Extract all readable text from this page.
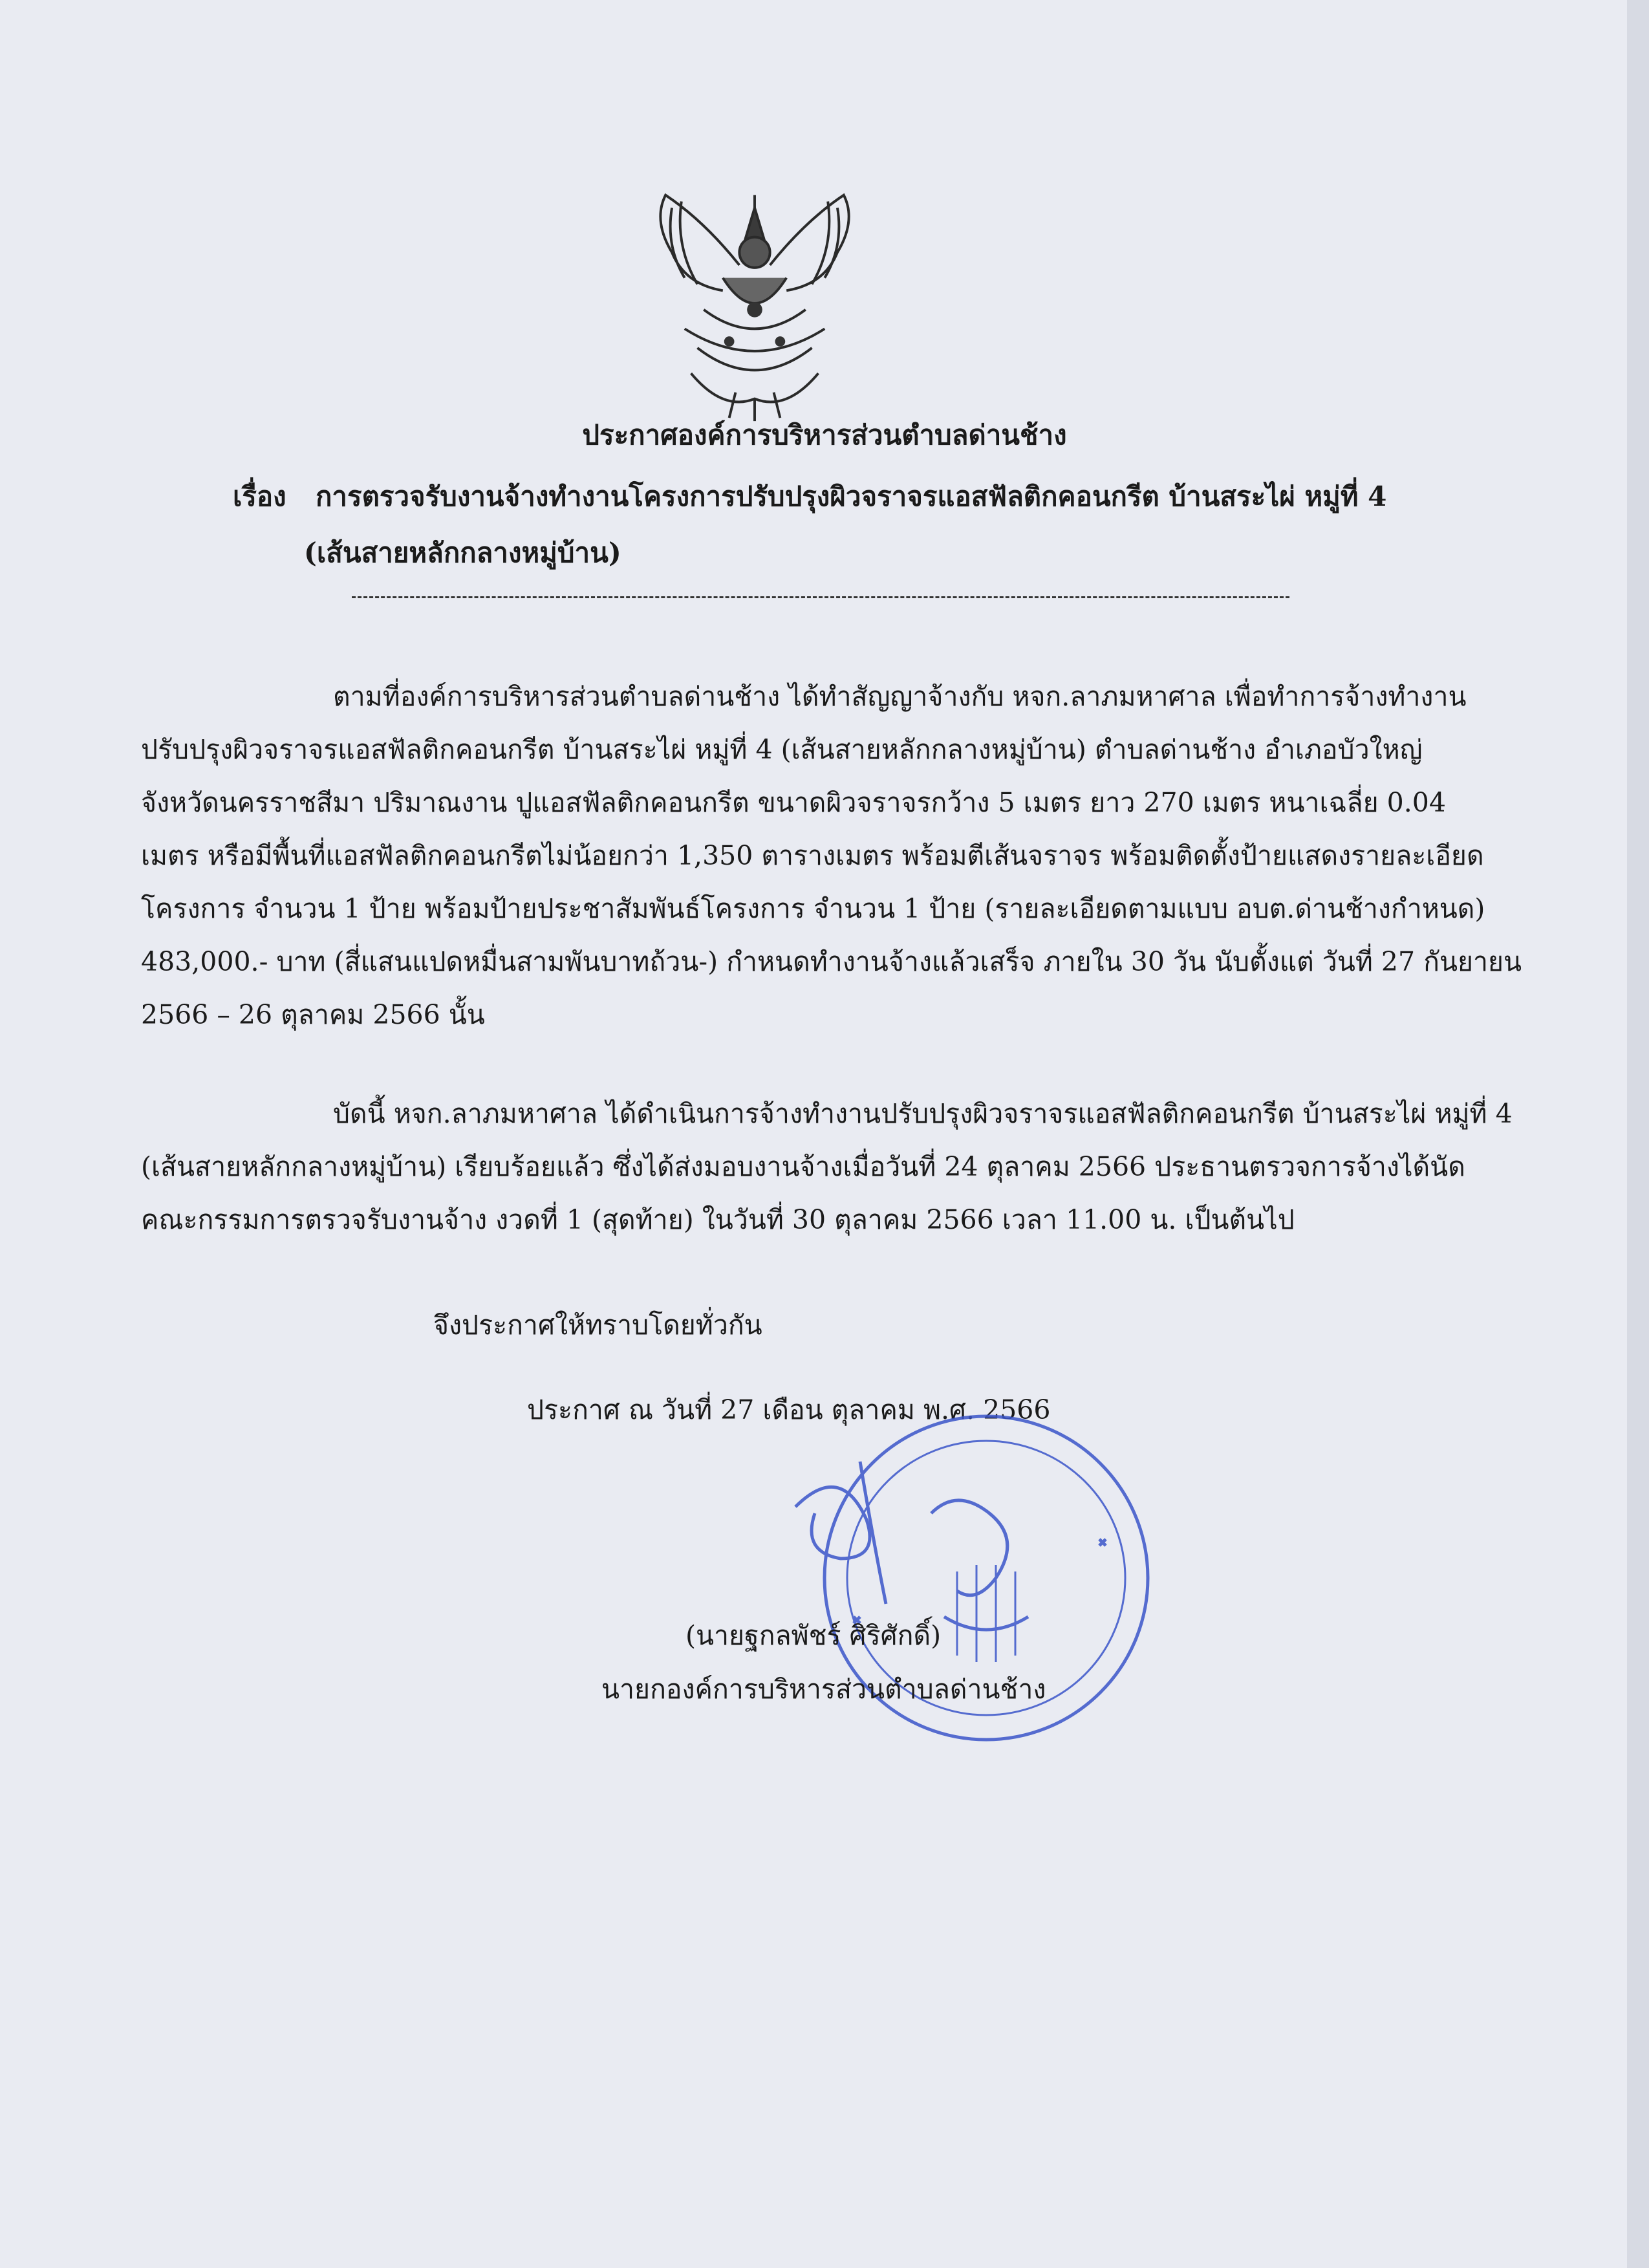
ประกาศองค์การบริหารส่วนตำบลด่านช้าง
เรื่อง การตรวจรับงานจ้างทำงานโครงการปรับปรุงผิวจราจรแอสฟัลติกคอนกรีต บ้านสระไผ่ หมู่ที่ 4
(เส้นสายหลักกลางหมู่บ้าน)
ตามที่องค์การบริหารส่วนตำบลด่านช้าง ได้ทำสัญญาจ้างกับ หจก.ลาภมหาศาล เพื่อทำการจ้างทำงาน
ปรับปรุงผิวจราจรแอสฟัลติกคอนกรีต บ้านสระไผ่ หมู่ที่ 4 (เส้นสายหลักกลางหมู่บ้าน) ตำบลด่านช้าง อำเภอบัวใหญ่
จังหวัดนครราชสีมา ปริมาณงาน ปูแอสฟัลติกคอนกรีต ขนาดผิวจราจรกว้าง 5 เมตร ยาว 270 เมตร หนาเฉลี่ย 0.04
เมตร หรือมีพื้นที่แอสฟัลติกคอนกรีตไม่น้อยกว่า 1,350 ตารางเมตร พร้อมตีเส้นจราจร พร้อมติดตั้งป้ายแสดงรายละเอียด
โครงการ จำนวน 1 ป้าย พร้อมป้ายประชาสัมพันธ์โครงการ จำนวน 1 ป้าย (รายละเอียดตามแบบ อบต.ด่านช้างกำหนด)
483,000.- บาท (สี่แสนแปดหมื่นสามพันบาทถ้วน-) กำหนดทำงานจ้างแล้วเสร็จ ภายใน 30 วัน นับตั้งแต่ วันที่ 27 กันยายน
2566 – 26 ตุลาคม 2566 นั้น
บัดนี้ หจก.ลาภมหาศาล ได้ดำเนินการจ้างทำงานปรับปรุงผิวจราจรแอสฟัลติกคอนกรีต บ้านสระไผ่ หมู่ที่ 4
(เส้นสายหลักกลางหมู่บ้าน) เรียบร้อยแล้ว ซึ่งได้ส่งมอบงานจ้างเมื่อวันที่ 24 ตุลาคม 2566 ประธานตรวจการจ้างได้นัด
คณะกรรมการตรวจรับงานจ้าง งวดที่ 1 (สุดท้าย) ในวันที่ 30 ตุลาคม 2566 เวลา 11.00 น. เป็นต้นไป
จึงประกาศให้ทราบโดยทั่วกัน
ประกาศ ณ วันที่ 27 เดือน ตุลาคม พ.ศ. 2566
(นายฐกลพัชร์ ศิริศักดิ์)
นายกองค์การบริหารส่วนตำบลด่านช้าง
